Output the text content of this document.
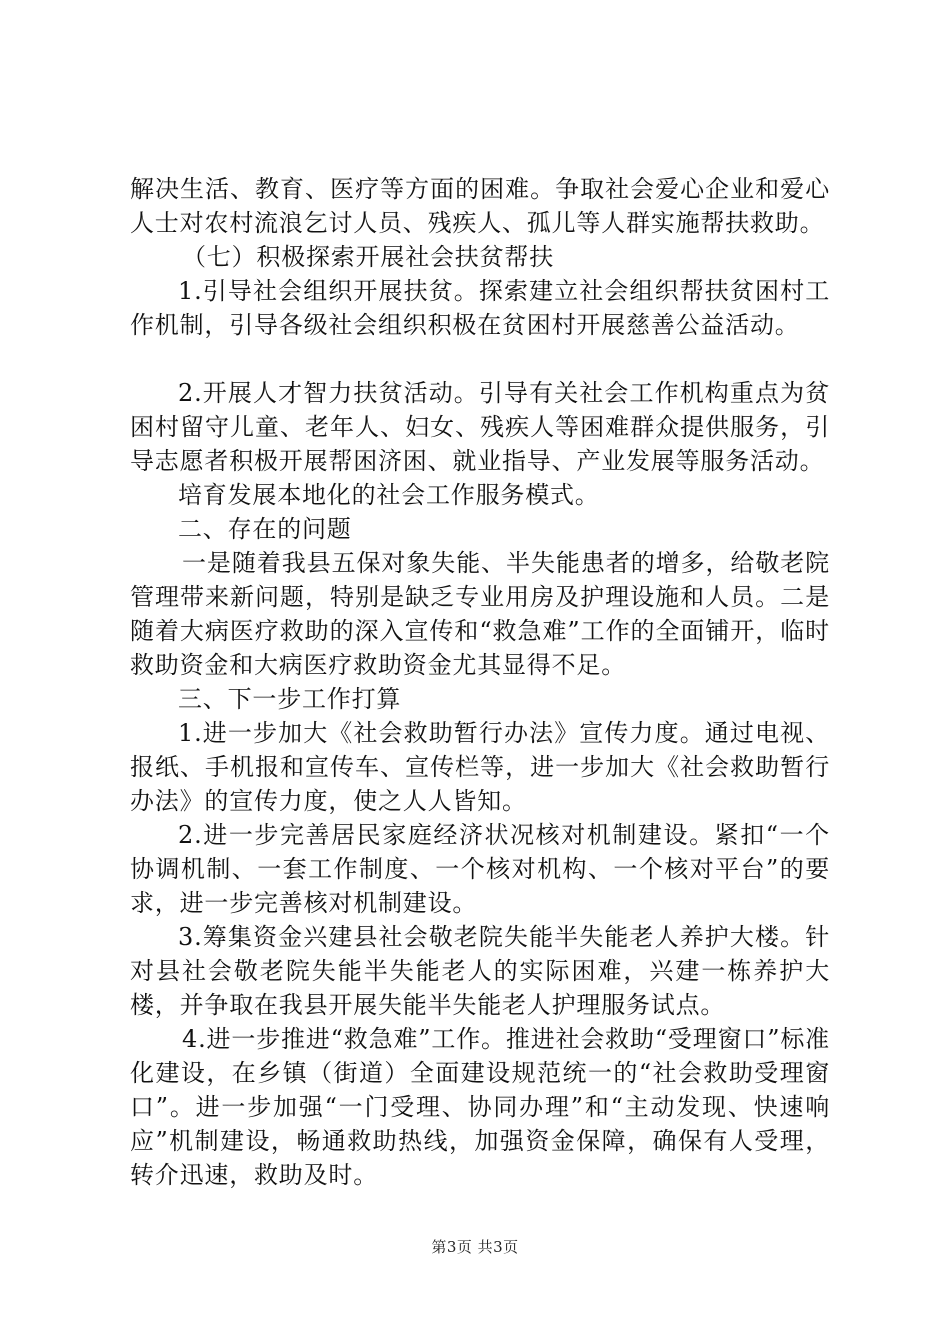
解决生活、教育、医疗等方面的困难。争取社会爱心企业和爱心人士对农村流浪乞讨人员、残疾人、孤儿等人群实施帮扶救助。

（七）积极探索开展社会扶贫帮扶

1.引导社会组织开展扶贫。探索建立社会组织帮扶贫困村工作机制，引导各级社会组织积极在贫困村开展慈善公益活动。

2.开展人才智力扶贫活动。引导有关社会工作机构重点为贫困村留守儿童、老年人、妇女、残疾人等困难群众提供服务，引导志愿者积极开展帮困济困、就业指导、产业发展等服务活动。

培育发展本地化的社会工作服务模式。

二、存在的问题

一是随着我县五保对象失能、半失能患者的增多，给敬老院管理带来新问题，特别是缺乏专业用房及护理设施和人员。二是随着大病医疗救助的深入宣传和“救急难”工作的全面铺开，临时救助资金和大病医疗救助资金尤其显得不足。

三、下一步工作打算

1.进一步加大《社会救助暂行办法》宣传力度。通过电视、报纸、手机报和宣传车、宣传栏等，进一步加大《社会救助暂行办法》的宣传力度，使之人人皆知。

2.进一步完善居民家庭经济状况核对机制建设。紧扣“一个协调机制、一套工作制度、一个核对机构、一个核对平台”的要求，进一步完善核对机制建设。

3.筹集资金兴建县社会敬老院失能半失能老人养护大楼。针对县社会敬老院失能半失能老人的实际困难，兴建一栋养护大楼，并争取在我县开展失能半失能老人护理服务试点。

4.进一步推进“救急难”工作。推进社会救助“受理窗口”标准化建设，在乡镇（街道）全面建设规范统一的“社会救助受理窗口”。进一步加强“一门受理、协同办理”和“主动发现、快速响应”机制建设，畅通救助热线，加强资金保障，确保有人受理，转介迅速，救助及时。

第3页 共3页
